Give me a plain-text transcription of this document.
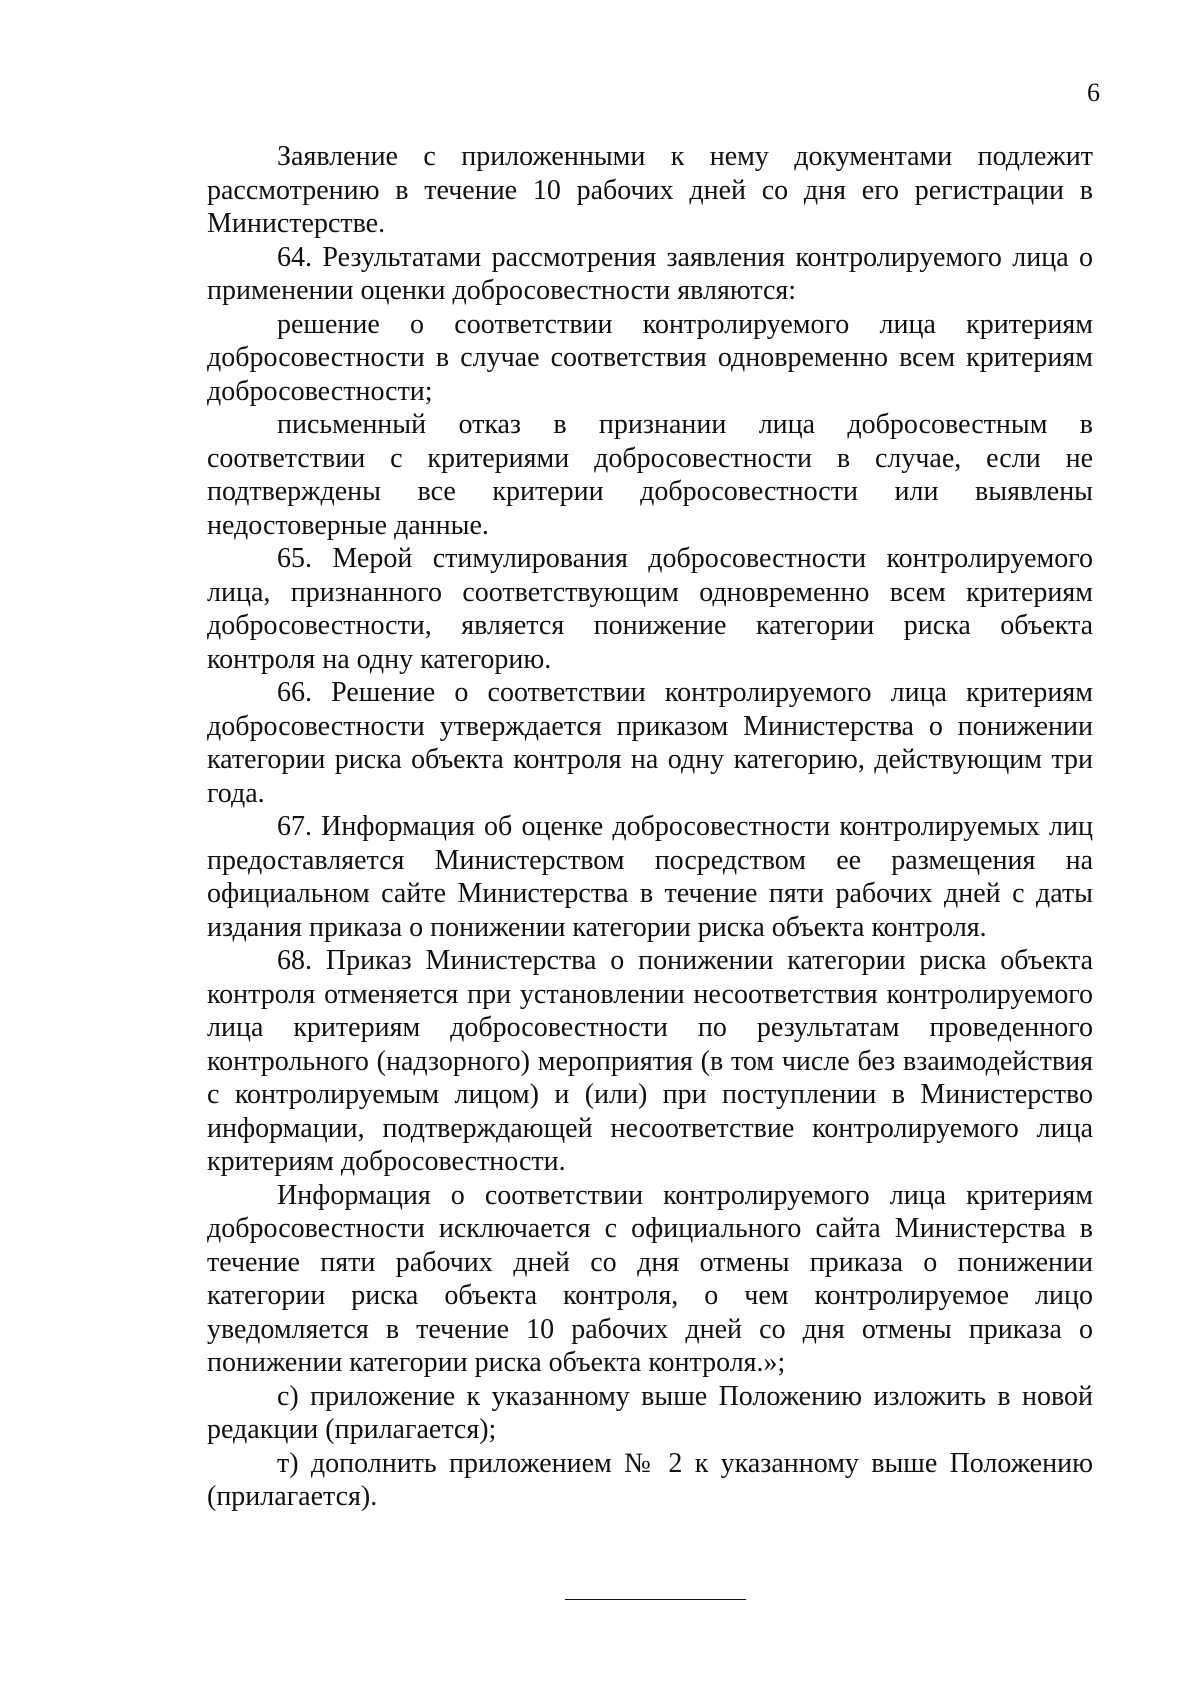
6

Заявление с приложенными к нему документами подлежит рассмотрению в течение 10 рабочих дней со дня его регистрации в Министерстве.

64. Результатами рассмотрения заявления контролируемого лица о применении оценки добросовестности являются:

решение о соответствии контролируемого лица критериям добросовестности в случае соответствия одновременно всем критериям добросовестности;

письменный отказ в признании лица добросовестным в соответствии с критериями добросовестности в случае, если не подтверждены все критерии добросовестности или выявлены недостоверные данные.

65. Мерой стимулирования добросовестности контролируемого лица, признанного соответствующим одновременно всем критериям добросовестности, является понижение категории риска объекта контроля на одну категорию.

66. Решение о соответствии контролируемого лица критериям добросовестности утверждается приказом Министерства о понижении категории риска объекта контроля на одну категорию, действующим три года.

67. Информация об оценке добросовестности контролируемых лиц предоставляется Министерством посредством ее размещения на официальном сайте Министерства в течение пяти рабочих дней с даты издания приказа о понижении категории риска объекта контроля.

68. Приказ Министерства о понижении категории риска объекта контроля отменяется при установлении несоответствия контролируемого лица критериям добросовестности по результатам проведенного контрольного (надзорного) мероприятия (в том числе без взаимодействия с контролируемым лицом) и (или) при поступлении в Министерство информации, подтверждающей несоответствие контролируемого лица критериям добросовестности.

Информация о соответствии контролируемого лица критериям добросовестности исключается с официального сайта Министерства в течение пяти рабочих дней со дня отмены приказа о понижении категории риска объекта контроля, о чем контролируемое лицо уведомляется в течение 10 рабочих дней со дня отмены приказа о понижении категории риска объекта контроля.»;

с) приложение к указанному выше Положению изложить в новой редакции (прилагается);

т) дополнить приложением № 2 к указанному выше Положению (прилагается).
